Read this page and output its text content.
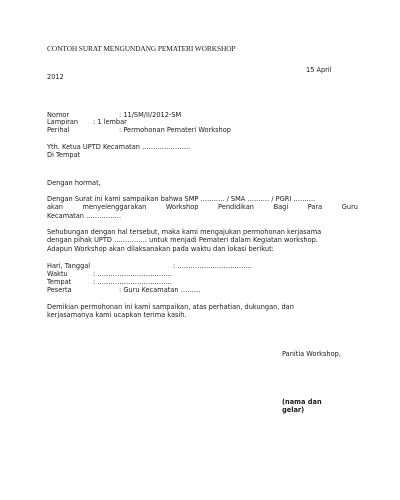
CONTOH SURAT MENGUNDANG PEMATERI WORKSHOP
15 April
2012
Nomor	: 11/SM/II/2012-SM
Lampiran : 1 lembar
Perihal	: Permohonan Pemateri Workshop
Yth. Ketua UPTD Kecamatan ………………….
Di Tempat
Dengan hormat,
Dengan Surat ini kami sampaikan bahwa SMP ……….. / SMA ………. / PGRI ……….
akan menyelenggarakan Workshop Pendidikan Bagi Para Guru
Kecamatan …………….
Sehubungan dengan hal tersebut, maka kami mengajukan permohonan kerjasama
dengan pihak UPTD …………… untuk menjadi Pemateri dalam Kegiatan workshop.
Adapun Workshop akan dilaksanakan pada waktu dan lokasi berikut:
Hari, Tanggal	: …………………………….
Waktu	: …………………………….
Tempat	: …………………………….
Peserta	: Guru Kecamatan ………
Demikian permohonan ini kami sampaikan, atas perhatian, dukungan, dan
kerjasamanya kami ucapkan terima kasih.
Panitia Workshop,
(nama dan
gelar)
